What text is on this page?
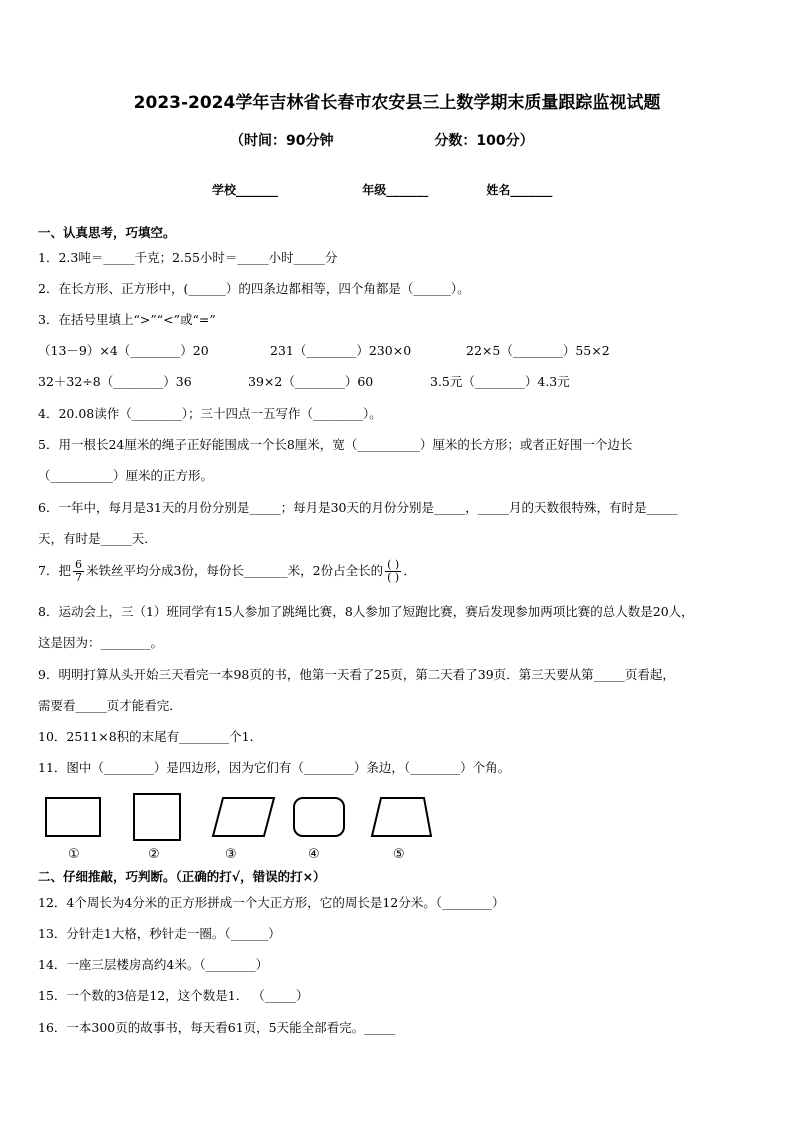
2023-2024学年吉林省长春市农安县三上数学期末质量跟踪监视试题
（时间：90分钟	分数：100分）
学校_______	年级_______	姓名_______
一、认真思考，巧填空。
1．2.3吨＝_____千克；2.55小时＝_____小时_____分
2．在长方形、正方形中，(______）的四条边都相等，四个角都是（______）。
3．在括号里填上“>”“<”或“=”
（13－9）×4（________）20	231（________）230×0	22×5（________）55×2
32＋32÷8（________）36	39×2（________）60	3.5元（________）4.3元
4．20.08读作（________）；三十四点一五写作（________）。
5．用一根长24厘米的绳子正好能围成一个长8厘米，宽（__________）厘米的长方形；或者正好围一个边长
（__________）厘米的正方形。
6．一年中，每月是31天的月份分别是_____；每月是30天的月份分别是_____，_____月的天数很特殊，有时是_____
天，有时是_____天．
7．把 $\frac{6}{7}$ 米铁丝平均分成3份，每份长_______米，2份占全长的 $\frac{( )}{( )}$ ．
8．运动会上，三（1）班同学有15人参加了跳绳比赛，8人参加了短跑比赛，赛后发现参加两项比赛的总人数是20人，
这是因为：________。
9．明明打算从头开始三天看完一本98页的书，他第一天看了25页，第二天看了39页．第三天要从第_____页看起，
需要看_____页才能看完．
10．2511×8积的末尾有________个1．
11．图中（________）是四边形，因为它们有（________）条边，（________）个角。
①	②	③	④	⑤
二、仔细推敲，巧判断。（正确的打√，错误的打×）
12．4个周长为4分米的正方形拼成一个大正方形，它的周长是12分米。（________）
13．分针走1大格，秒针走一圈。（______）
14．一座三层楼房高约4米。（________）
15．一个数的3倍是12，这个数是1． （_____）
16．一本300页的故事书，每天看61页，5天能全部看完。_____
